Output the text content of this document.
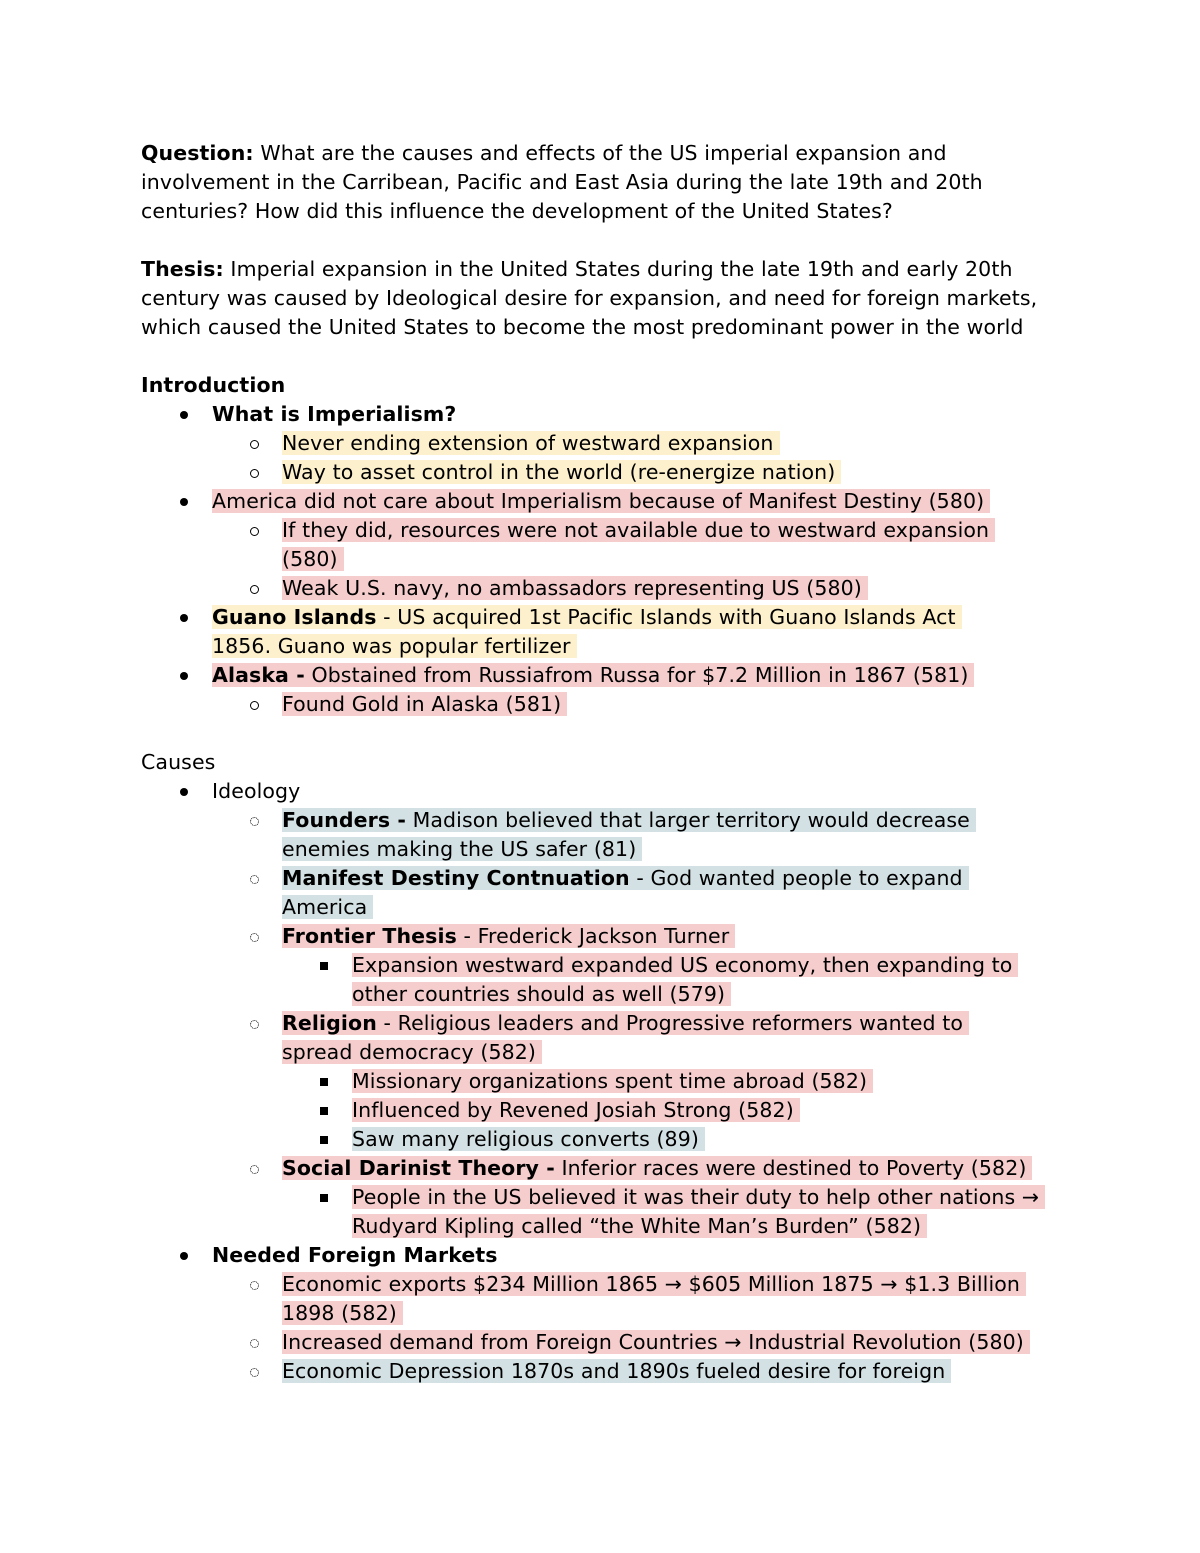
Question: What are the causes and effects of the US imperial expansion and involvement in the Carribean, Pacific and East Asia during the late 19th and 20th centuries? How did this influence the development of the United States?

Thesis: Imperial expansion in the United States during the late 19th and early 20th century was caused by Ideological desire for expansion, and need for foreign markets, which caused the United States to become the most predominant power in the world

Introduction

What is Imperialism?
Never ending extension of westward expansion
Way to asset control in the world (re-energize nation)
America did not care about Imperialism because of Manifest Destiny (580)
If they did, resources were not available due to westward expansion (580)
Weak U.S. navy, no ambassadors representing US (580)
Guano Islands - US acquired 1st Pacific Islands with Guano Islands Act 1856. Guano was popular fertilizer
Alaska - Obstained from Russiafrom Russa for $7.2 Million in 1867 (581)
Found Gold in Alaska (581)

Causes

Ideology
Founders - Madison believed that larger territory would decrease enemies making the US safer (81)
Manifest Destiny Contnuation - God wanted people to expand America
Frontier Thesis - Frederick Jackson Turner
Expansion westward expanded US economy, then expanding to other countries should as well (579)
Religion - Religious leaders and Progressive reformers wanted to spread democracy (582)
Missionary organizations spent time abroad (582)
Influenced by Revened Josiah Strong (582)
Saw many religious converts (89)
Social Darinist Theory - Inferior races were destined to Poverty (582)
People in the US believed it was their duty to help other nations → Rudyard Kipling called “the White Man’s Burden” (582)
Needed Foreign Markets
Economic exports $234 Million 1865 → $605 Million 1875 → $1.3 Billion 1898 (582)
Increased demand from Foreign Countries → Industrial Revolution (580)
Economic Depression 1870s and 1890s fueled desire for foreign
